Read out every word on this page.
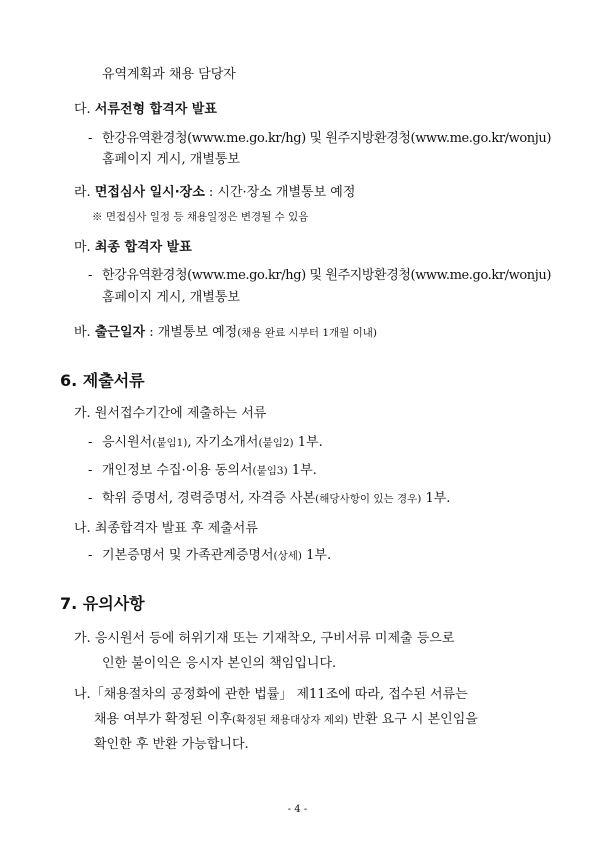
유역계획과 채용 담당자
다. 서류전형 합격자 발표
- 한강유역환경청(www.me.go.kr/hg) 및 원주지방환경청(www.me.go.kr/wonju)
홈페이지 게시, 개별통보
라. 면접심사 일시·장소 : 시간·장소 개별통보 예정
※ 면접심사 일정 등 채용일정은 변경될 수 있음
마. 최종 합격자 발표
- 한강유역환경청(www.me.go.kr/hg) 및 원주지방환경청(www.me.go.kr/wonju)
홈페이지 게시, 개별통보
바. 출근일자 : 개별통보 예정(채용 완료 시부터 1개월 이내)
6. 제출서류
가. 원서접수기간에 제출하는 서류
- 응시원서(붙임1), 자기소개서(붙임2) 1부.
- 개인정보 수집·이용 동의서(붙임3) 1부.
- 학위 증명서, 경력증명서, 자격증 사본(해당사항이 있는 경우) 1부.
나. 최종합격자 발표 후 제출서류
- 기본증명서 및 가족관계증명서(상세) 1부.
7. 유의사항
가. 응시원서 등에 허위기재 또는 기재착오, 구비서류 미제출 등으로
인한 불이익은 응시자 본인의 책임입니다.
나.「채용절차의 공정화에 관한 법률」 제11조에 따라, 접수된 서류는
채용 여부가 확정된 이후(확정된 채용대상자 제외) 반환 요구 시 본인임을
확인한 후 반환 가능합니다.
- 4 -
